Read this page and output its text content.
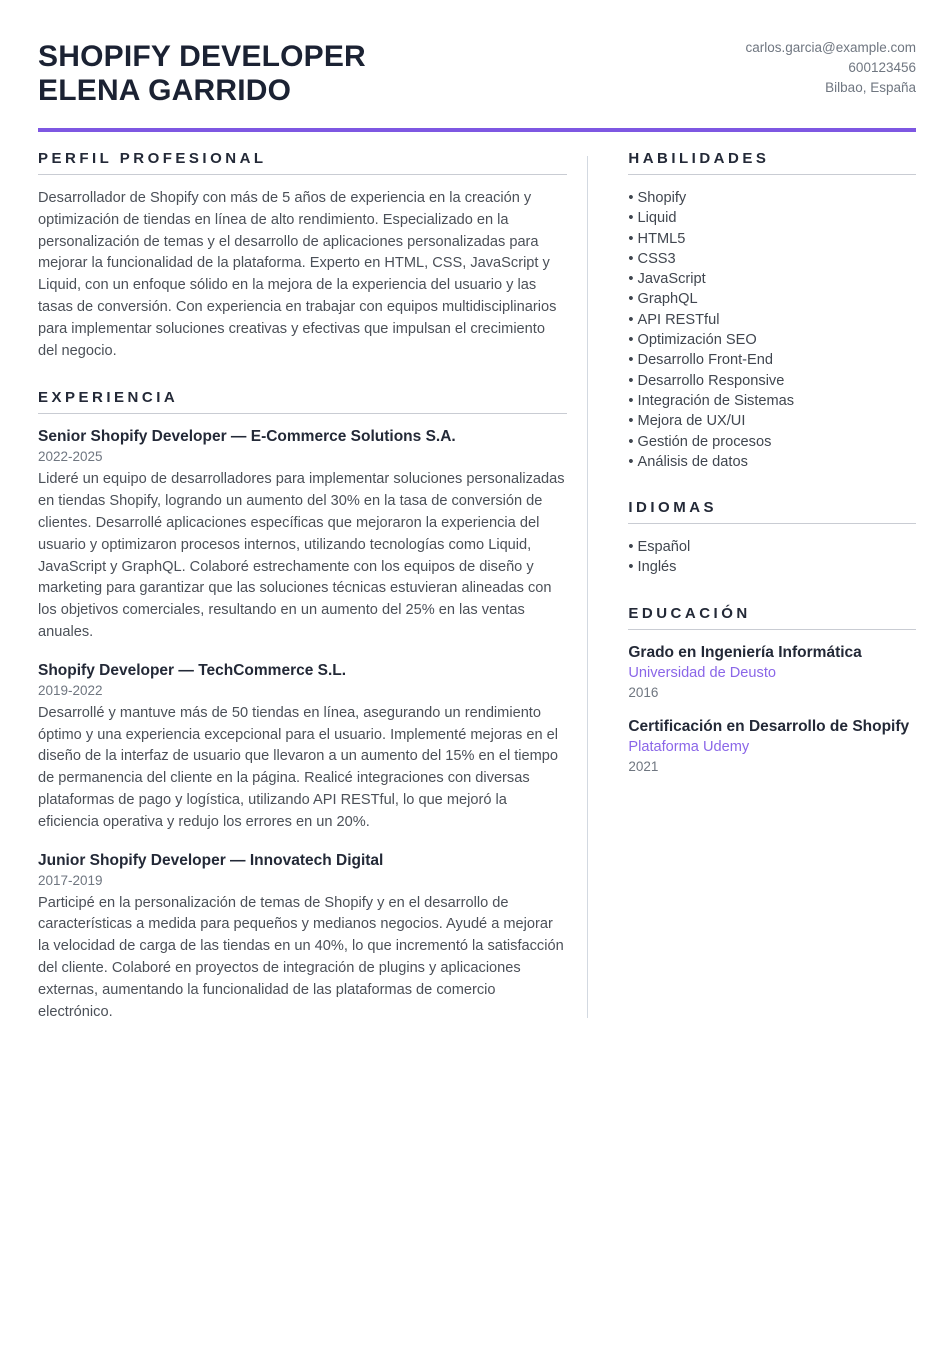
SHOPIFY DEVELOPER
ELENA GARRIDO
carlos.garcia@example.com
600123456
Bilbao, España
PERFIL PROFESIONAL

Desarrollador de Shopify con más de 5 años de experiencia en la creación y optimización de tiendas en línea de alto rendimiento. Especializado en la personalización de temas y el desarrollo de aplicaciones personalizadas para mejorar la funcionalidad de la plataforma. Experto en HTML, CSS, JavaScript y Liquid, con un enfoque sólido en la mejora de la experiencia del usuario y las tasas de conversión. Con experiencia en trabajar con equipos multidisciplinarios para implementar soluciones creativas y efectivas que impulsan el crecimiento del negocio.

EXPERIENCIA
Senior Shopify Developer — E-Commerce Solutions S.A.
2022-2025

Lideré un equipo de desarrolladores para implementar soluciones personalizadas en tiendas Shopify, logrando un aumento del 30% en la tasa de conversión de clientes. Desarrollé aplicaciones específicas que mejoraron la experiencia del usuario y optimizaron procesos internos, utilizando tecnologías como Liquid, JavaScript y GraphQL. Colaboré estrechamente con los equipos de diseño y marketing para garantizar que las soluciones técnicas estuvieran alineadas con los objetivos comerciales, resultando en un aumento del 25% en las ventas anuales.

Shopify Developer — TechCommerce S.L.
2019-2022

Desarrollé y mantuve más de 50 tiendas en línea, asegurando un rendimiento óptimo y una experiencia excepcional para el usuario. Implementé mejoras en el diseño de la interfaz de usuario que llevaron a un aumento del 15% en el tiempo de permanencia del cliente en la página. Realicé integraciones con diversas plataformas de pago y logística, utilizando API RESTful, lo que mejoró la eficiencia operativa y redujo los errores en un 20%.

Junior Shopify Developer — Innovatech Digital
2017-2019

Participé en la personalización de temas de Shopify y en el desarrollo de características a medida para pequeños y medianos negocios. Ayudé a mejorar la velocidad de carga de las tiendas en un 40%, lo que incrementó la satisfacción del cliente. Colaboré en proyectos de integración de plugins y aplicaciones externas, aumentando la funcionalidad de las plataformas de comercio electrónico.

HABILIDADES
• Shopify
• Liquid
• HTML5
• CSS3
• JavaScript
• GraphQL
• API RESTful
• Optimización SEO
• Desarrollo Front-End
• Desarrollo Responsive
• Integración de Sistemas
• Mejora de UX/UI
• Gestión de procesos
• Análisis de datos
IDIOMAS
• Español
• Inglés
EDUCACIÓN
Grado en Ingeniería Informática
Universidad de Deusto
2016
Certificación en Desarrollo de Shopify
Plataforma Udemy
2021
